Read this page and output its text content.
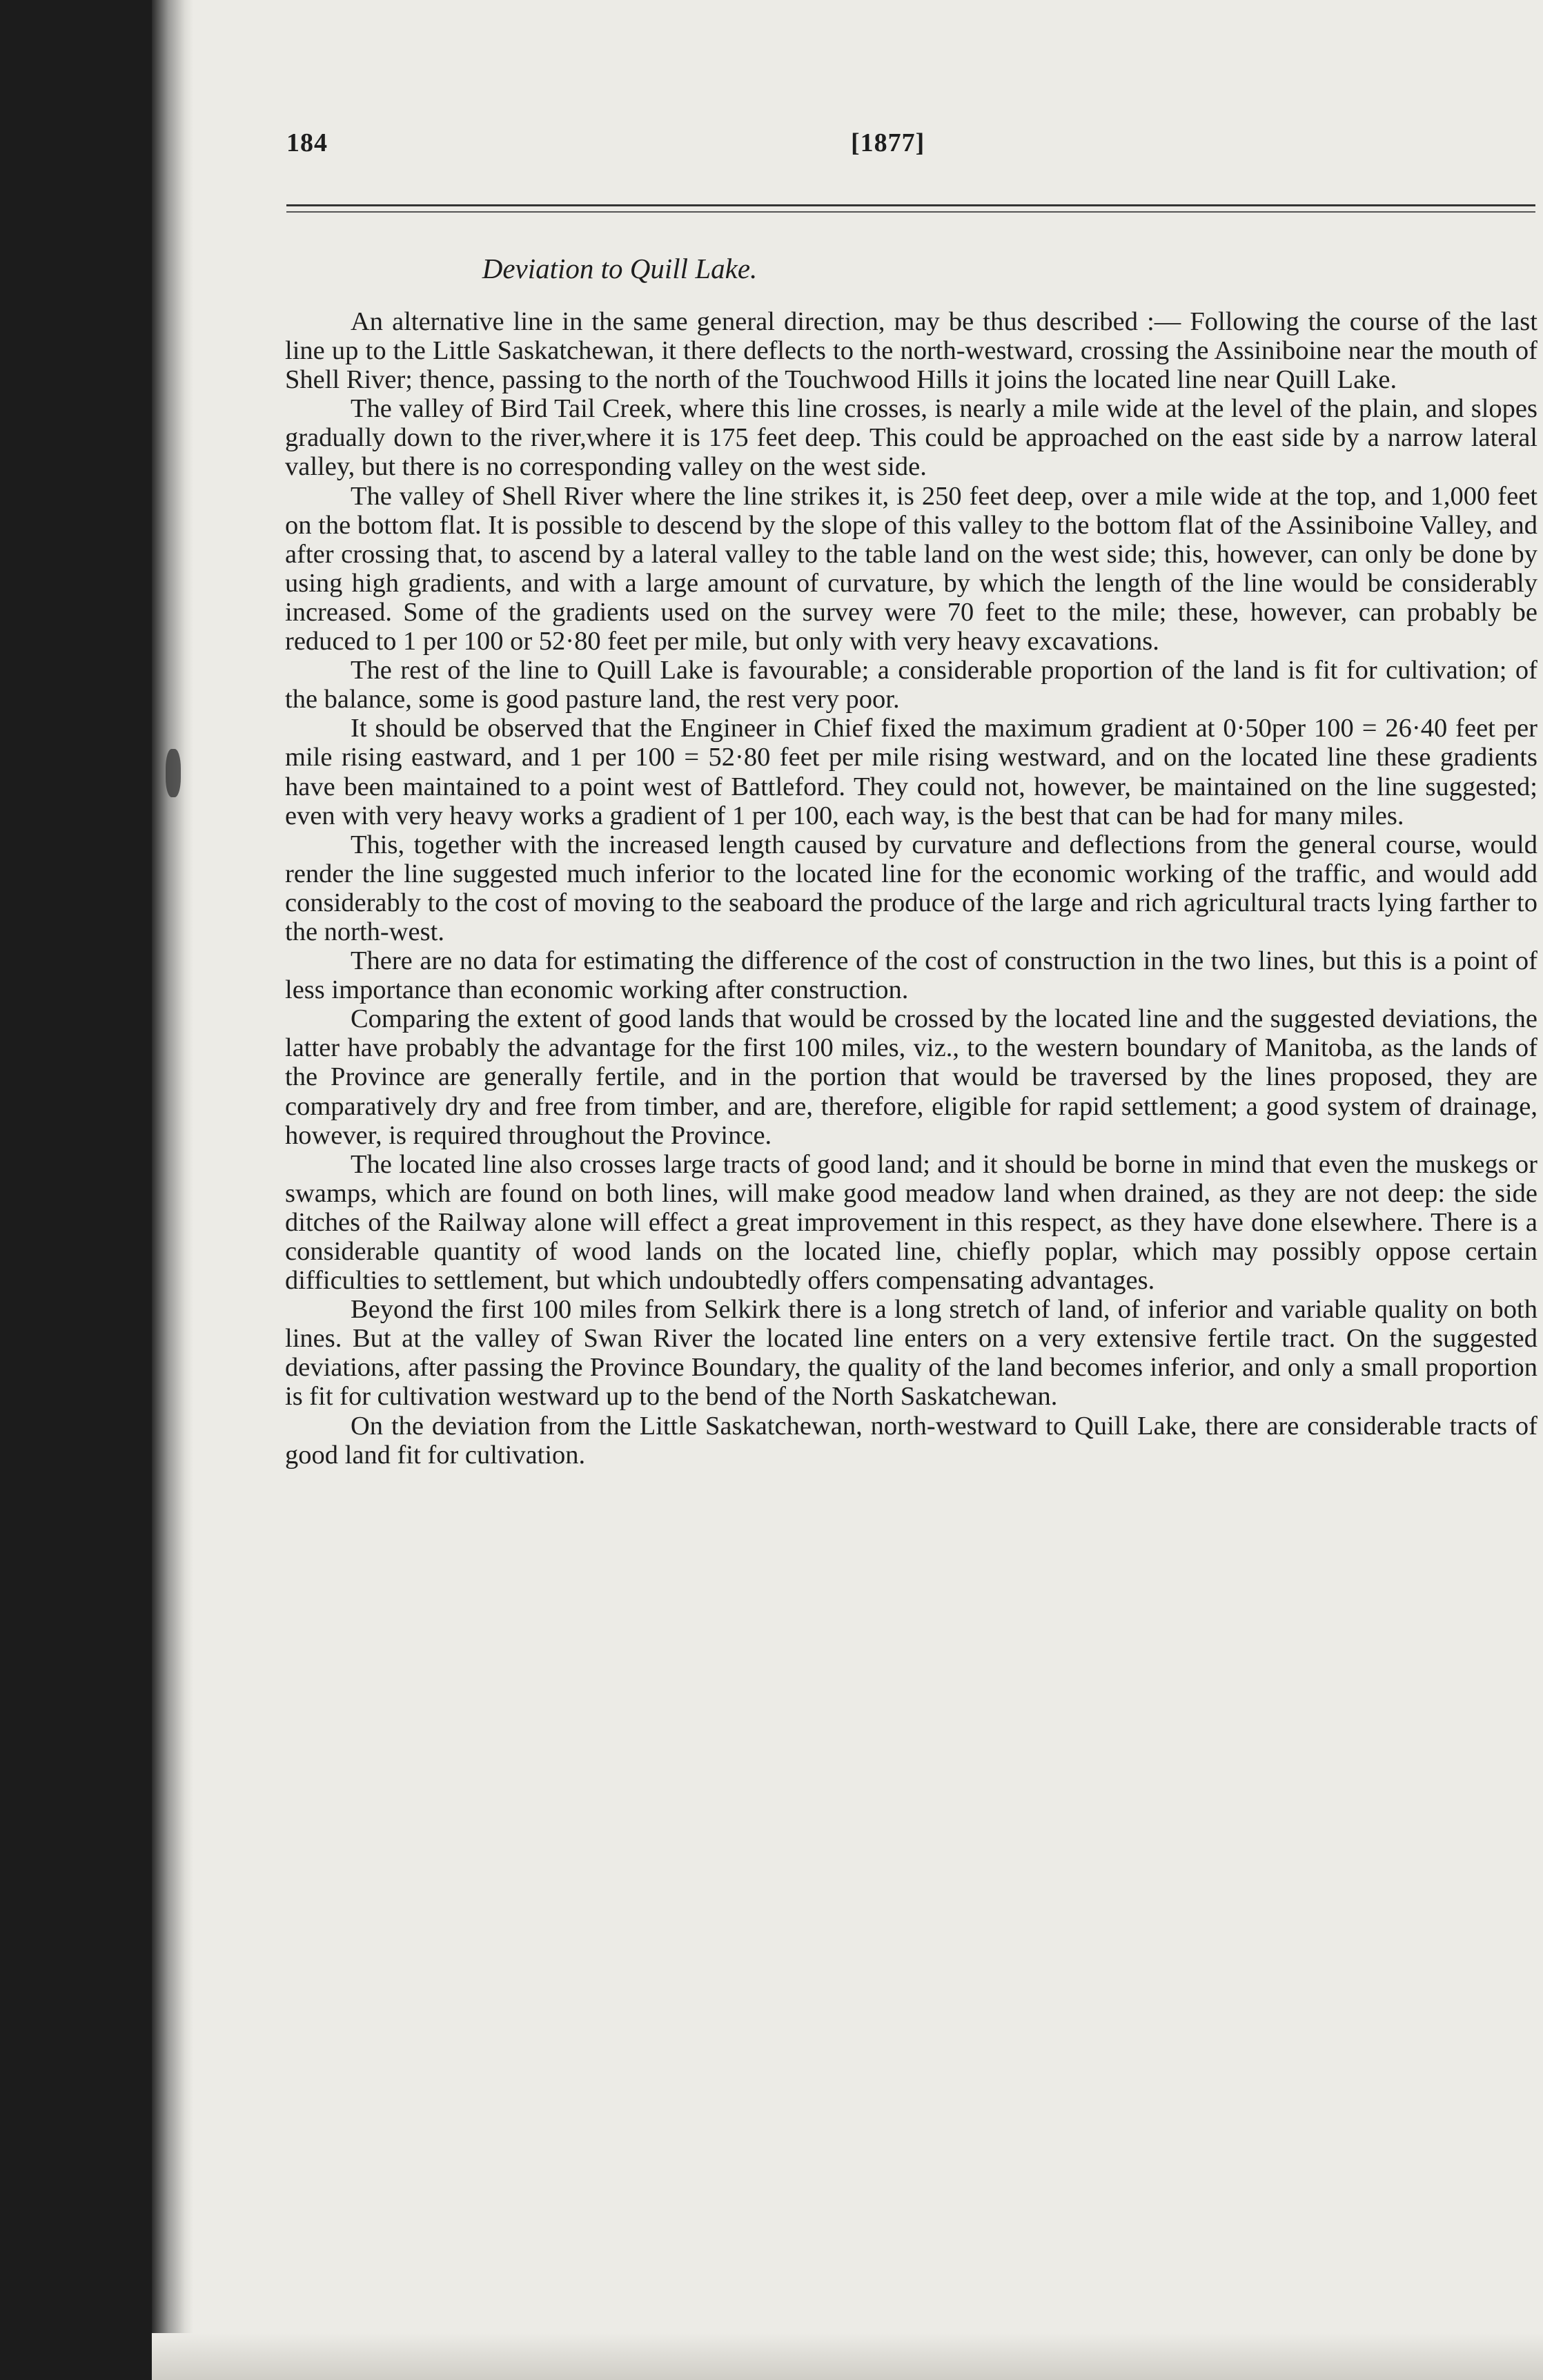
184	[1877]

An alternative line in the same general direction, may be thus described :— Following the course of the last line up to the Little Saskatchewan, it there deflects to the north-westward, crossing the Assiniboine near the mouth of Shell River; thence, passing to the north of the Touchwood Hills it joins the located line near Quill Lake.

The valley of Bird Tail Creek, where this line crosses, is nearly a mile wide at the level of the plain, and slopes gradually down to the river,where it is 175 feet deep. This could be approached on the east side by a narrow lateral valley, but there is no corresponding valley on the west side.

The valley of Shell River where the line strikes it, is 250 feet deep, over a mile wide at the top, and 1,000 feet on the bottom flat. It is possible to descend by the slope of this valley to the bottom flat of the Assiniboine Valley, and after crossing that, to ascend by a lateral valley to the table land on the west side; this, however, can only be done by using high gradients, and with a large amount of curvature, by which the length of the line would be considerably increased. Some of the gradients used on the survey were 70 feet to the mile; these, however, can probably be reduced to 1 per 100 or 52·80 feet per mile, but only with very heavy excavations.

The rest of the line to Quill Lake is favourable; a considerable proportion of the land is fit for cultivation; of the balance, some is good pasture land, the rest very poor.

It should be observed that the Engineer in Chief fixed the maximum gradient at 0·50per 100 = 26·40 feet per mile rising eastward, and 1 per 100 = 52·80 feet per mile rising westward, and on the located line these gradients have been maintained to a point west of Battleford. They could not, however, be maintained on the line suggested; even with very heavy works a gradient of 1 per 100, each way, is the best that can be had for many miles.

This, together with the increased length caused by curvature and deflections from the general course, would render the line suggested much inferior to the located line for the economic working of the traffic, and would add considerably to the cost of moving to the seaboard the produce of the large and rich agricultural tracts lying farther to the north-west.

There are no data for estimating the difference of the cost of construction in the two lines, but this is a point of less importance than economic working after construction.

Comparing the extent of good lands that would be crossed by the located line and the suggested deviations, the latter have probably the advantage for the first 100 miles, viz., to the western boundary of Manitoba, as the lands of the Province are generally fertile, and in the portion that would be traversed by the lines proposed, they are comparatively dry and free from timber, and are, therefore, eligible for rapid settlement; a good system of drainage, however, is required throughout the Province.

The located line also crosses large tracts of good land; and it should be borne in mind that even the muskegs or swamps, which are found on both lines, will make good meadow land when drained, as they are not deep: the side ditches of the Railway alone will effect a great improvement in this respect, as they have done elsewhere. There is a considerable quantity of wood lands on the located line, chiefly poplar, which may possibly oppose certain difficulties to settlement, but which undoubtedly offers compensating advantages.

Beyond the first 100 miles from Selkirk there is a long stretch of land, of inferior and variable quality on both lines. But at the valley of Swan River the located line enters on a very extensive fertile tract. On the suggested deviations, after passing the Province Boundary, the quality of the land becomes inferior, and only a small proportion is fit for cultivation westward up to the bend of the North Saskatchewan.

On the deviation from the Little Saskatchewan, north-westward to Quill Lake, there are considerable tracts of good land fit for cultivation.

Deviation to Quill Lake.
